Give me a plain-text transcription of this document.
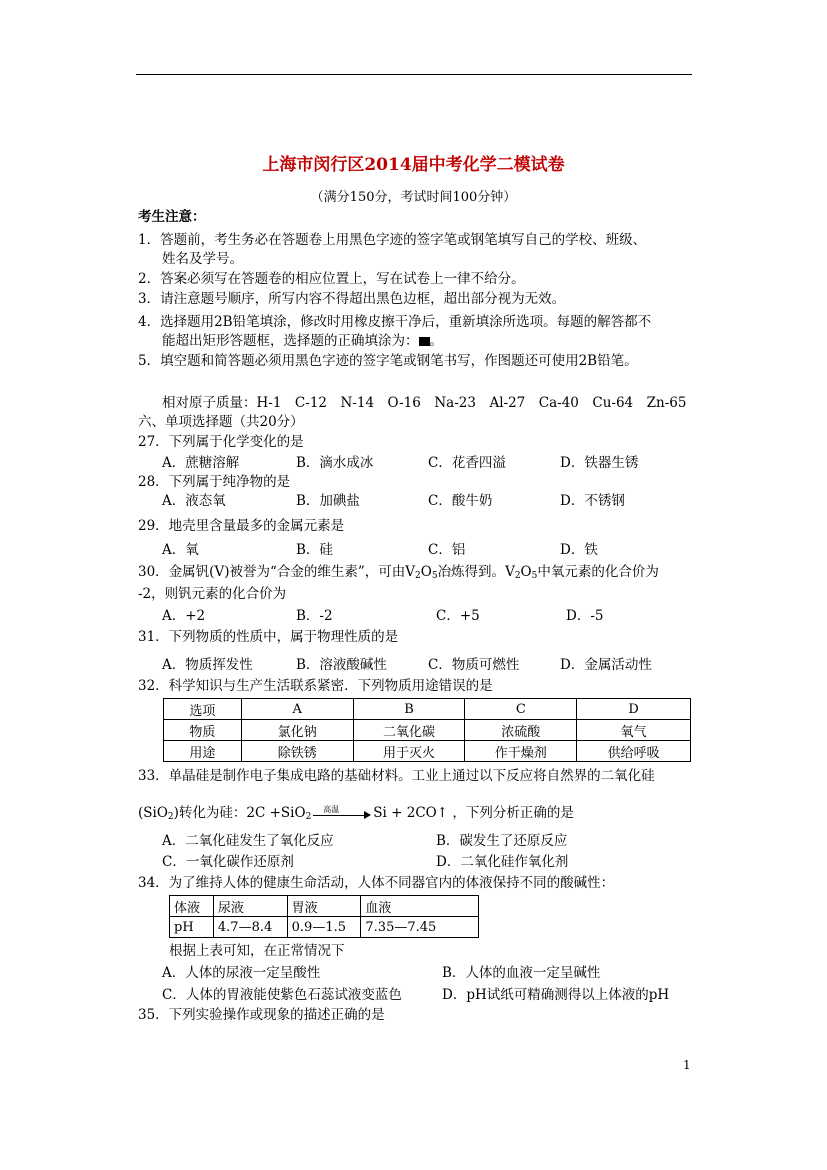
上海市闵行区2014届中考化学二模试卷
（满分150分，考试时间100分钟）
考生注意：
1．答题前，考生务必在答题卷上用黑色字迹的签字笔或钢笔填写自己的学校、班级、
姓名及学号。
2．答案必须写在答题卷的相应位置上，写在试卷上一律不给分。
3．请注意题号顺序，所写内容不得超出黑色边框，超出部分视为无效。
4．选择题用2B铅笔填涂，修改时用橡皮擦干净后，重新填涂所选项。每题的解答都不
能超出矩形答题框，选择题的正确填涂为： 。
5．填空题和简答题必须用黑色字迹的签字笔或钢笔书写，作图题还可使用2B铅笔。
相对原子质量：H-1　C-12　N-14　O-16　Na-23　Al-27　Ca-40　Cu-64　Zn-65
六、单项选择题（共20分）
27．下列属于化学变化的是
A．蔗糖溶解	B．滴水成冰	C．花香四溢	D．铁器生锈
28．下列属于纯净物的是
A．液态氧	B．加碘盐	C．酸牛奶	D．不锈钢
29．地壳里含量最多的金属元素是
A．氧	B．硅	C．铝	D．铁
30．金属钒(V)被誉为“合金的维生素”，可由$V_2O_5$冶炼得到。$V_2O_5$中氧元素的化合价为
-2，则钒元素的化合价为
A．+2	B．-2	C．+5	D．-5
31．下列物质的性质中，属于物理性质的是
A．物质挥发性	B．溶液酸碱性	C．物质可燃性	D．金属活动性
32．科学知识与生产生活联系紧密．下列物质用途错误的是
选项	A	B	C	D
物质	氯化钠	二氧化碳	浓硫酸	氧气
用途	除铁锈	用于灭火	作干燥剂	供给呼吸
33．单晶硅是制作电子集成电路的基础材料。工业上通过以下反应将自然界的二氧化硅
(SiO$_2$)转化为硅：2C +SiO$_2$
高温	Si + 2CO↑ ，下列分析正确的是
A．二氧化硅发生了氧化反应	B．碳发生了还原反应
C．一氧化碳作还原剂	D．二氧化硅作氧化剂
34．为了维持人体的健康生命活动，人体不同器官内的体液保持不同的酸碱性：
体液	尿液	胃液	血液
pH	4.7—8.4	0.9—1.5	7.35—7.45
根据上表可知，在正常情况下
A．人体的尿液一定呈酸性	B．人体的血液一定呈碱性
C．人体的胃液能使紫色石蕊试液变蓝色	D．pH试纸可精确测得以上体液的pH
35．下列实验操作或现象的描述正确的是
1
